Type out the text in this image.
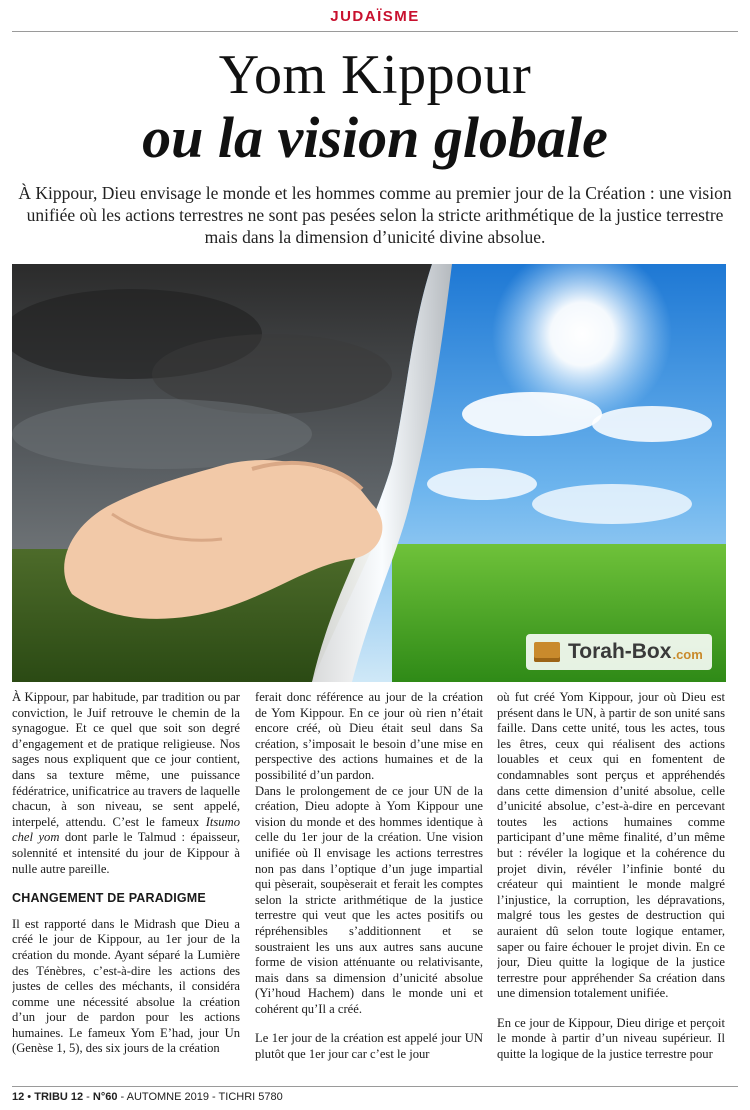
JUDAÏSME
Yom Kippour
ou la vision globale
À Kippour, Dieu envisage le monde et les hommes comme au premier jour de la Création : une vision unifiée où les actions terrestres ne sont pas pesées selon la stricte arithmétique de la justice terrestre mais dans la dimension d’unicité divine absolue.
Torah-Box .com

À Kippour, par habitude, par tradition ou par conviction, le Juif retrouve le chemin de la synagogue. Et ce quel que soit son degré d’engagement et de pratique religieuse. Nos sages nous expliquent que ce jour contient, dans sa texture même, une puissance fédératrice, unificatrice au travers de laquelle chacun, à son niveau, se sent appelé, interpelé, attendu. C’est le fameux Itsumo chel yom dont parle le Talmud : épaisseur, solennité et intensité du jour de Kippour à nulle autre pareille.

CHANGEMENT DE PARADIGME

Il est rapporté dans le Midrash que Dieu a créé le jour de Kippour, au 1er jour de la création du monde. Ayant séparé la Lumière des Ténèbres, c’est-à-dire les actions des justes de celles des méchants, il considéra comme une nécessité absolue la création d’un jour de pardon pour les actions humaines. Le fameux Yom E’had, jour Un (Genèse 1, 5), des six jours de la création

ferait donc référence au jour de la création de Yom Kippour. En ce jour où rien n’était encore créé, où Dieu était seul dans Sa création, s’imposait le besoin d’une mise en perspective des actions humaines et de la possibilité d’un pardon.

Dans le prolongement de ce jour UN de la création, Dieu adopte à Yom Kippour une vision du monde et des hommes identique à celle du 1er jour de la création. Une vision unifiée où Il envisage les actions terrestres non pas dans l’optique d’un juge impartial qui pèserait, soupèserait et ferait les comptes selon la stricte arithmétique de la justice terrestre qui veut que les actes positifs ou répréhensibles s’additionnent et se soustraient les uns aux autres sans aucune forme de vision atténuante ou relativisante, mais dans sa dimension d’unicité absolue (Yi’houd Hachem) dans le monde uni et cohérent qu’Il a créé.

Le 1er jour de la création est appelé jour UN plutôt que 1er jour car c’est le jour

où fut créé Yom Kippour, jour où Dieu est présent dans le UN, à partir de son unité sans faille. Dans cette unité, tous les actes, tous les êtres, ceux qui réalisent des actions louables et ceux qui en fomentent de condamnables sont perçus et appréhendés dans cette dimension d’unité absolue, celle d’unicité absolue, c’est-à-dire en percevant toutes les actions humaines comme participant d’une même finalité, d’un même but : révéler la logique et la cohérence du projet divin, révéler l’infinie bonté du créateur qui maintient le monde malgré l’injustice, la corruption, les dépravations, malgré tous les gestes de destruction qui auraient dû selon toute logique entamer, saper ou faire échouer le projet divin. En ce jour, Dieu quitte la logique de la justice terrestre pour appréhender Sa création dans une dimension totalement unifiée.

En ce jour de Kippour, Dieu dirige et perçoit le monde à partir d’un niveau supérieur. Il quitte la logique de la justice terrestre pour

12 • TRIBU 12 - N°60 - AUTOMNE 2019 - TICHRI 5780
